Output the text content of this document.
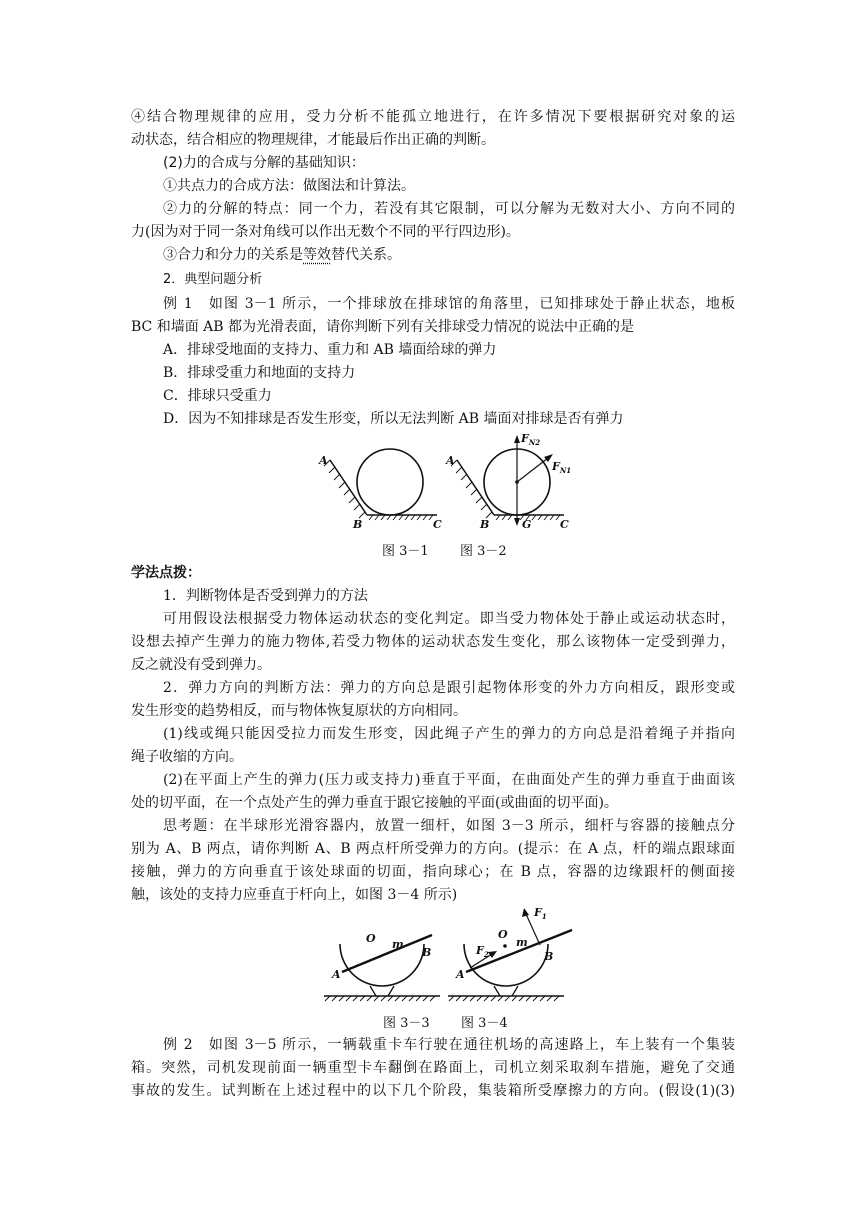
④结合物理规律的应用，受力分析不能孤立地进行，在许多情况下要根据研究对象的运
动状态，结合相应的物理规律，才能最后作出正确的判断。
(2)力的合成与分解的基础知识：
①共点力的合成方法：做图法和计算法。
②力的分解的特点：同一个力，若没有其它限制，可以分解为无数对大小、方向不同的
力(因为对于同一条对角线可以作出无数个不同的平行四边形)。
③合力和分力的关系是等效替代关系。
2．典型问题分析
例 1　如图 3－1 所示，一个排球放在排球馆的角落里，已知排球处于静止状态，地板
BC 和墙面 AB 都为光滑表面，请你判断下列有关排球受力情况的说法中正确的是
A．排球受地面的支持力、重力和 AB 墙面给球的弹力
B．排球受重力和地面的支持力
C．排球只受重力
D．因为不知排球是否发生形变，所以无法判断 AB 墙面对排球是否有弹力
A
B	C
$F_{N2}$
$F_{N1}$
G
A
B	C
图 3－1 图 3－2
学法点拨：
1．判断物体是否受到弹力的方法
可用假设法根据受力物体运动状态的变化判定。即当受力物体处于静止或运动状态时，
设想去掉产生弹力的施力物体,若受力物体的运动状态发生变化，那么该物体一定受到弹力，
反之就没有受到弹力。
2．弹力方向的判断方法：弹力的方向总是跟引起物体形变的外力方向相反，跟形变或
发生形变的趋势相反，而与物体恢复原状的方向相同。
(1)线或绳只能因受拉力而发生形变，因此绳子产生的弹力的方向总是沿着绳子并指向
绳子收缩的方向。
(2)在平面上产生的弹力(压力或支持力)垂直于平面，在曲面处产生的弹力垂直于曲面该
处的切平面，在一个点处产生的弹力垂直于跟它接触的平面(或曲面的切平面)。
思考题：在半球形光滑容器内，放置一细杆，如图 3－3 所示，细杆与容器的接触点分
别为 A、B 两点，请你判断 A、B 两点杆所受弹力的方向。(提示：在 A 点，杆的端点跟球面
接触，弹力的方向垂直于该处球面的切面，指向球心；在 B 点，容器的边缘跟杆的侧面接
触，该处的支持力应垂直于杆向上，如图 3－4 所示)
O m
A
B
$F_1$
$F_2$
O
m
A
B
图 3－3 图 3－4
例 2　如图 3－5 所示，一辆载重卡车行驶在通往机场的高速路上，车上装有一个集装
箱。突然，司机发现前面一辆重型卡车翻倒在路面上，司机立刻采取刹车措施，避免了交通
事故的发生。试判断在上述过程中的以下几个阶段，集装箱所受摩擦力的方向。(假设(1)(3)
